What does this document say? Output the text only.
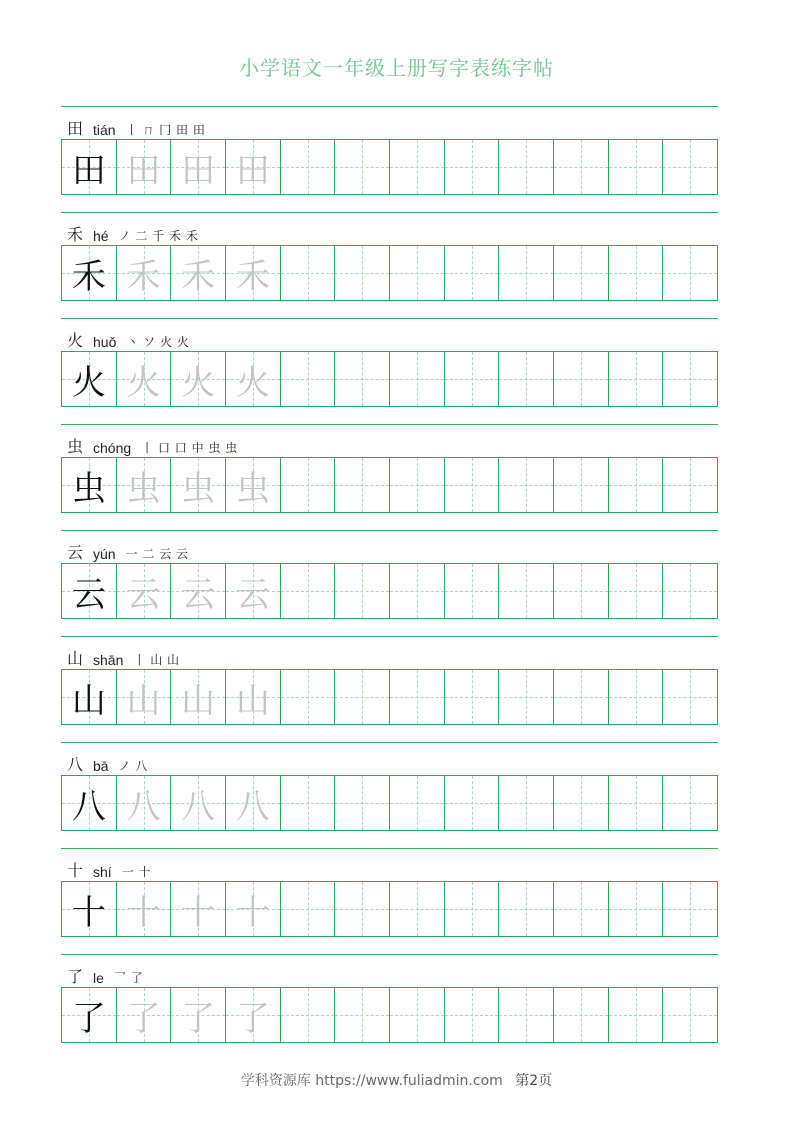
小学语文一年级上册写字表练字帖
田 tián 丨 ㄇ 冂 田 田
田 田 田 田
禾 hé ノ 二 千 禾 禾
禾 禾 禾 禾
火 huǒ 丶 ソ 火 火
火 火 火 火
虫 chóng 丨 口 口 中 虫 虫
虫 虫 虫 虫
云 yún 一 二 云 云
云 云 云 云
山 shān 丨 山 山
山 山 山 山
八 bā ノ 八
八 八 八 八
十 shí 一 十
十 十 十 十
了 le 乛 了
了 了 了 了
学科资源库 https://www.fuliadmin.com 第2页
